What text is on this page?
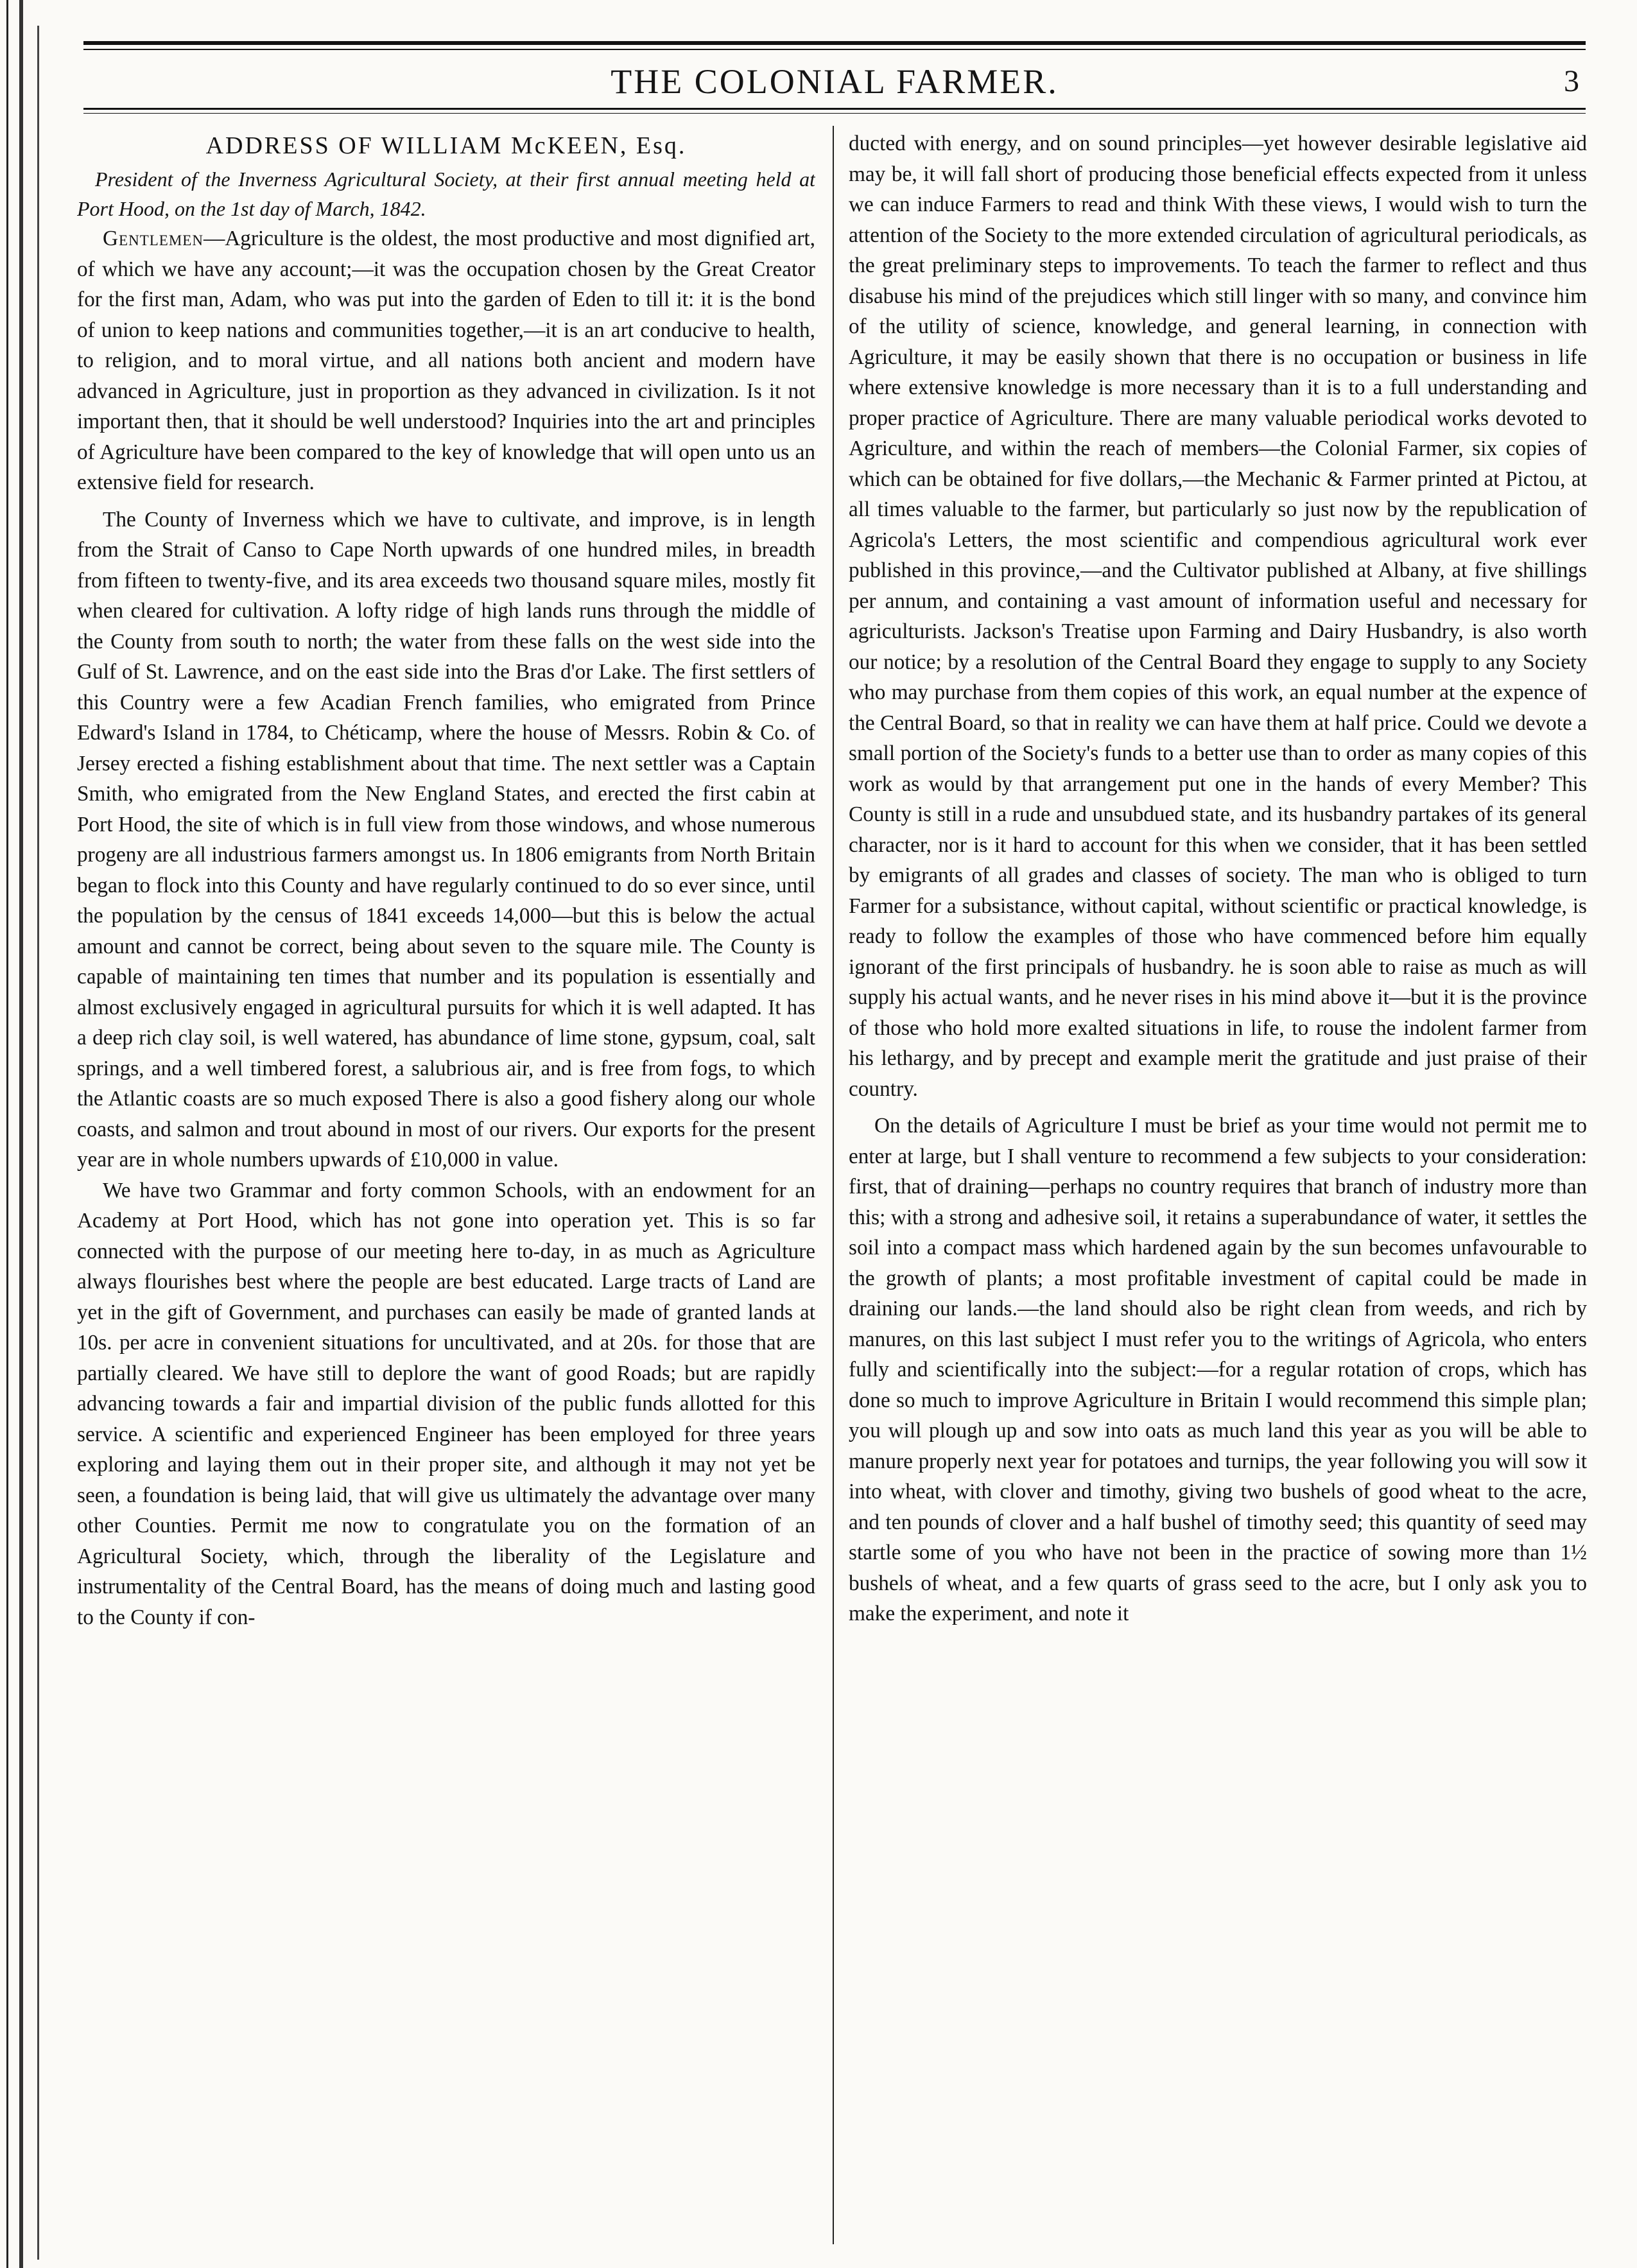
THE COLONIAL FARMER.	3
ADDRESS OF WILLIAM McKEEN, Esq.

President of the Inverness Agricultural Society, at their first annual meeting held at Port Hood, on the 1st day of March, 1842.

Gentlemen—Agriculture is the oldest, the most productive and most dignified art, of which we have any account;—it was the occupation chosen by the Great Creator for the first man, Adam, who was put into the garden of Eden to till it: it is the bond of union to keep nations and communities together,—it is an art conducive to health, to religion, and to moral virtue, and all nations both ancient and modern have advanced in Agriculture, just in proportion as they advanced in civilization. Is it not important then, that it should be well understood? Inquiries into the art and principles of Agriculture have been compared to the key of knowledge that will open unto us an extensive field for research.

The County of Inverness which we have to cultivate, and improve, is in length from the Strait of Canso to Cape North upwards of one hundred miles, in breadth from fifteen to twenty-five, and its area exceeds two thousand square miles, mostly fit when cleared for cultivation. A lofty ridge of high lands runs through the middle of the County from south to north; the water from these falls on the west side into the Gulf of St. Lawrence, and on the east side into the Bras d'or Lake. The first settlers of this Country were a few Acadian French families, who emigrated from Prince Edward's Island in 1784, to Chéticamp, where the house of Messrs. Robin & Co. of Jersey erected a fishing establishment about that time. The next settler was a Captain Smith, who emigrated from the New England States, and erected the first cabin at Port Hood, the site of which is in full view from those windows, and whose numerous progeny are all industrious farmers amongst us. In 1806 emigrants from North Britain began to flock into this County and have regularly continued to do so ever since, until the population by the census of 1841 exceeds 14,000—but this is below the actual amount and cannot be correct, being about seven to the square mile. The County is capable of maintaining ten times that number and its population is essentially and almost exclusively engaged in agricultural pursuits for which it is well adapted. It has a deep rich clay soil, is well watered, has abundance of lime stone, gypsum, coal, salt springs, and a well timbered forest, a salubrious air, and is free from fogs, to which the Atlantic coasts are so much exposed There is also a good fishery along our whole coasts, and salmon and trout abound in most of our rivers. Our exports for the present year are in whole numbers upwards of £10,000 in value.

We have two Grammar and forty common Schools, with an endowment for an Academy at Port Hood, which has not gone into operation yet. This is so far connected with the purpose of our meeting here to-day, in as much as Agriculture always flourishes best where the people are best educated. Large tracts of Land are yet in the gift of Government, and purchases can easily be made of granted lands at 10s. per acre in convenient situations for uncultivated, and at 20s. for those that are partially cleared. We have still to deplore the want of good Roads; but are rapidly advancing towards a fair and impartial division of the public funds allotted for this service. A scientific and experienced Engineer has been employed for three years exploring and laying them out in their proper site, and although it may not yet be seen, a foundation is being laid, that will give us ultimately the advantage over many other Counties. Permit me now to congratulate you on the formation of an Agricultural Society, which, through the liberality of the Legislature and instrumentality of the Central Board, has the means of doing much and lasting good to the County if con-

ducted with energy, and on sound principles—yet however desirable legislative aid may be, it will fall short of producing those beneficial effects expected from it unless we can induce Farmers to read and think With these views, I would wish to turn the attention of the Society to the more extended circulation of agricultural periodicals, as the great preliminary steps to improvements. To teach the farmer to reflect and thus disabuse his mind of the prejudices which still linger with so many, and convince him of the utility of science, knowledge, and general learning, in connection with Agriculture, it may be easily shown that there is no occupation or business in life where extensive knowledge is more necessary than it is to a full understanding and proper practice of Agriculture. There are many valuable periodical works devoted to Agriculture, and within the reach of members—the Colonial Farmer, six copies of which can be obtained for five dollars,—the Mechanic & Farmer printed at Pictou, at all times valuable to the farmer, but particularly so just now by the republication of Agricola's Letters, the most scientific and compendious agricultural work ever published in this province,—and the Cultivator published at Albany, at five shillings per annum, and containing a vast amount of information useful and necessary for agriculturists. Jackson's Treatise upon Farming and Dairy Husbandry, is also worth our notice; by a resolution of the Central Board they engage to supply to any Society who may purchase from them copies of this work, an equal number at the expence of the Central Board, so that in reality we can have them at half price. Could we devote a small portion of the Society's funds to a better use than to order as many copies of this work as would by that arrangement put one in the hands of every Member? This County is still in a rude and unsubdued state, and its husbandry partakes of its general character, nor is it hard to account for this when we consider, that it has been settled by emigrants of all grades and classes of society. The man who is obliged to turn Farmer for a subsistance, without capital, without scientific or practical knowledge, is ready to follow the examples of those who have commenced before him equally ignorant of the first principals of husbandry. he is soon able to raise as much as will supply his actual wants, and he never rises in his mind above it—but it is the province of those who hold more exalted situations in life, to rouse the indolent farmer from his lethargy, and by precept and example merit the gratitude and just praise of their country.

On the details of Agriculture I must be brief as your time would not permit me to enter at large, but I shall venture to recommend a few subjects to your consideration: first, that of draining—perhaps no country requires that branch of industry more than this; with a strong and adhesive soil, it retains a superabundance of water, it settles the soil into a compact mass which hardened again by the sun becomes unfavourable to the growth of plants; a most profitable investment of capital could be made in draining our lands.—the land should also be right clean from weeds, and rich by manures, on this last subject I must refer you to the writings of Agricola, who enters fully and scientifically into the subject:—for a regular rotation of crops, which has done so much to improve Agriculture in Britain I would recommend this simple plan; you will plough up and sow into oats as much land this year as you will be able to manure properly next year for potatoes and turnips, the year following you will sow it into wheat, with clover and timothy, giving two bushels of good wheat to the acre, and ten pounds of clover and a half bushel of timothy seed; this quantity of seed may startle some of you who have not been in the practice of sowing more than 1½ bushels of wheat, and a few quarts of grass seed to the acre, but I only ask you to make the experiment, and note it
